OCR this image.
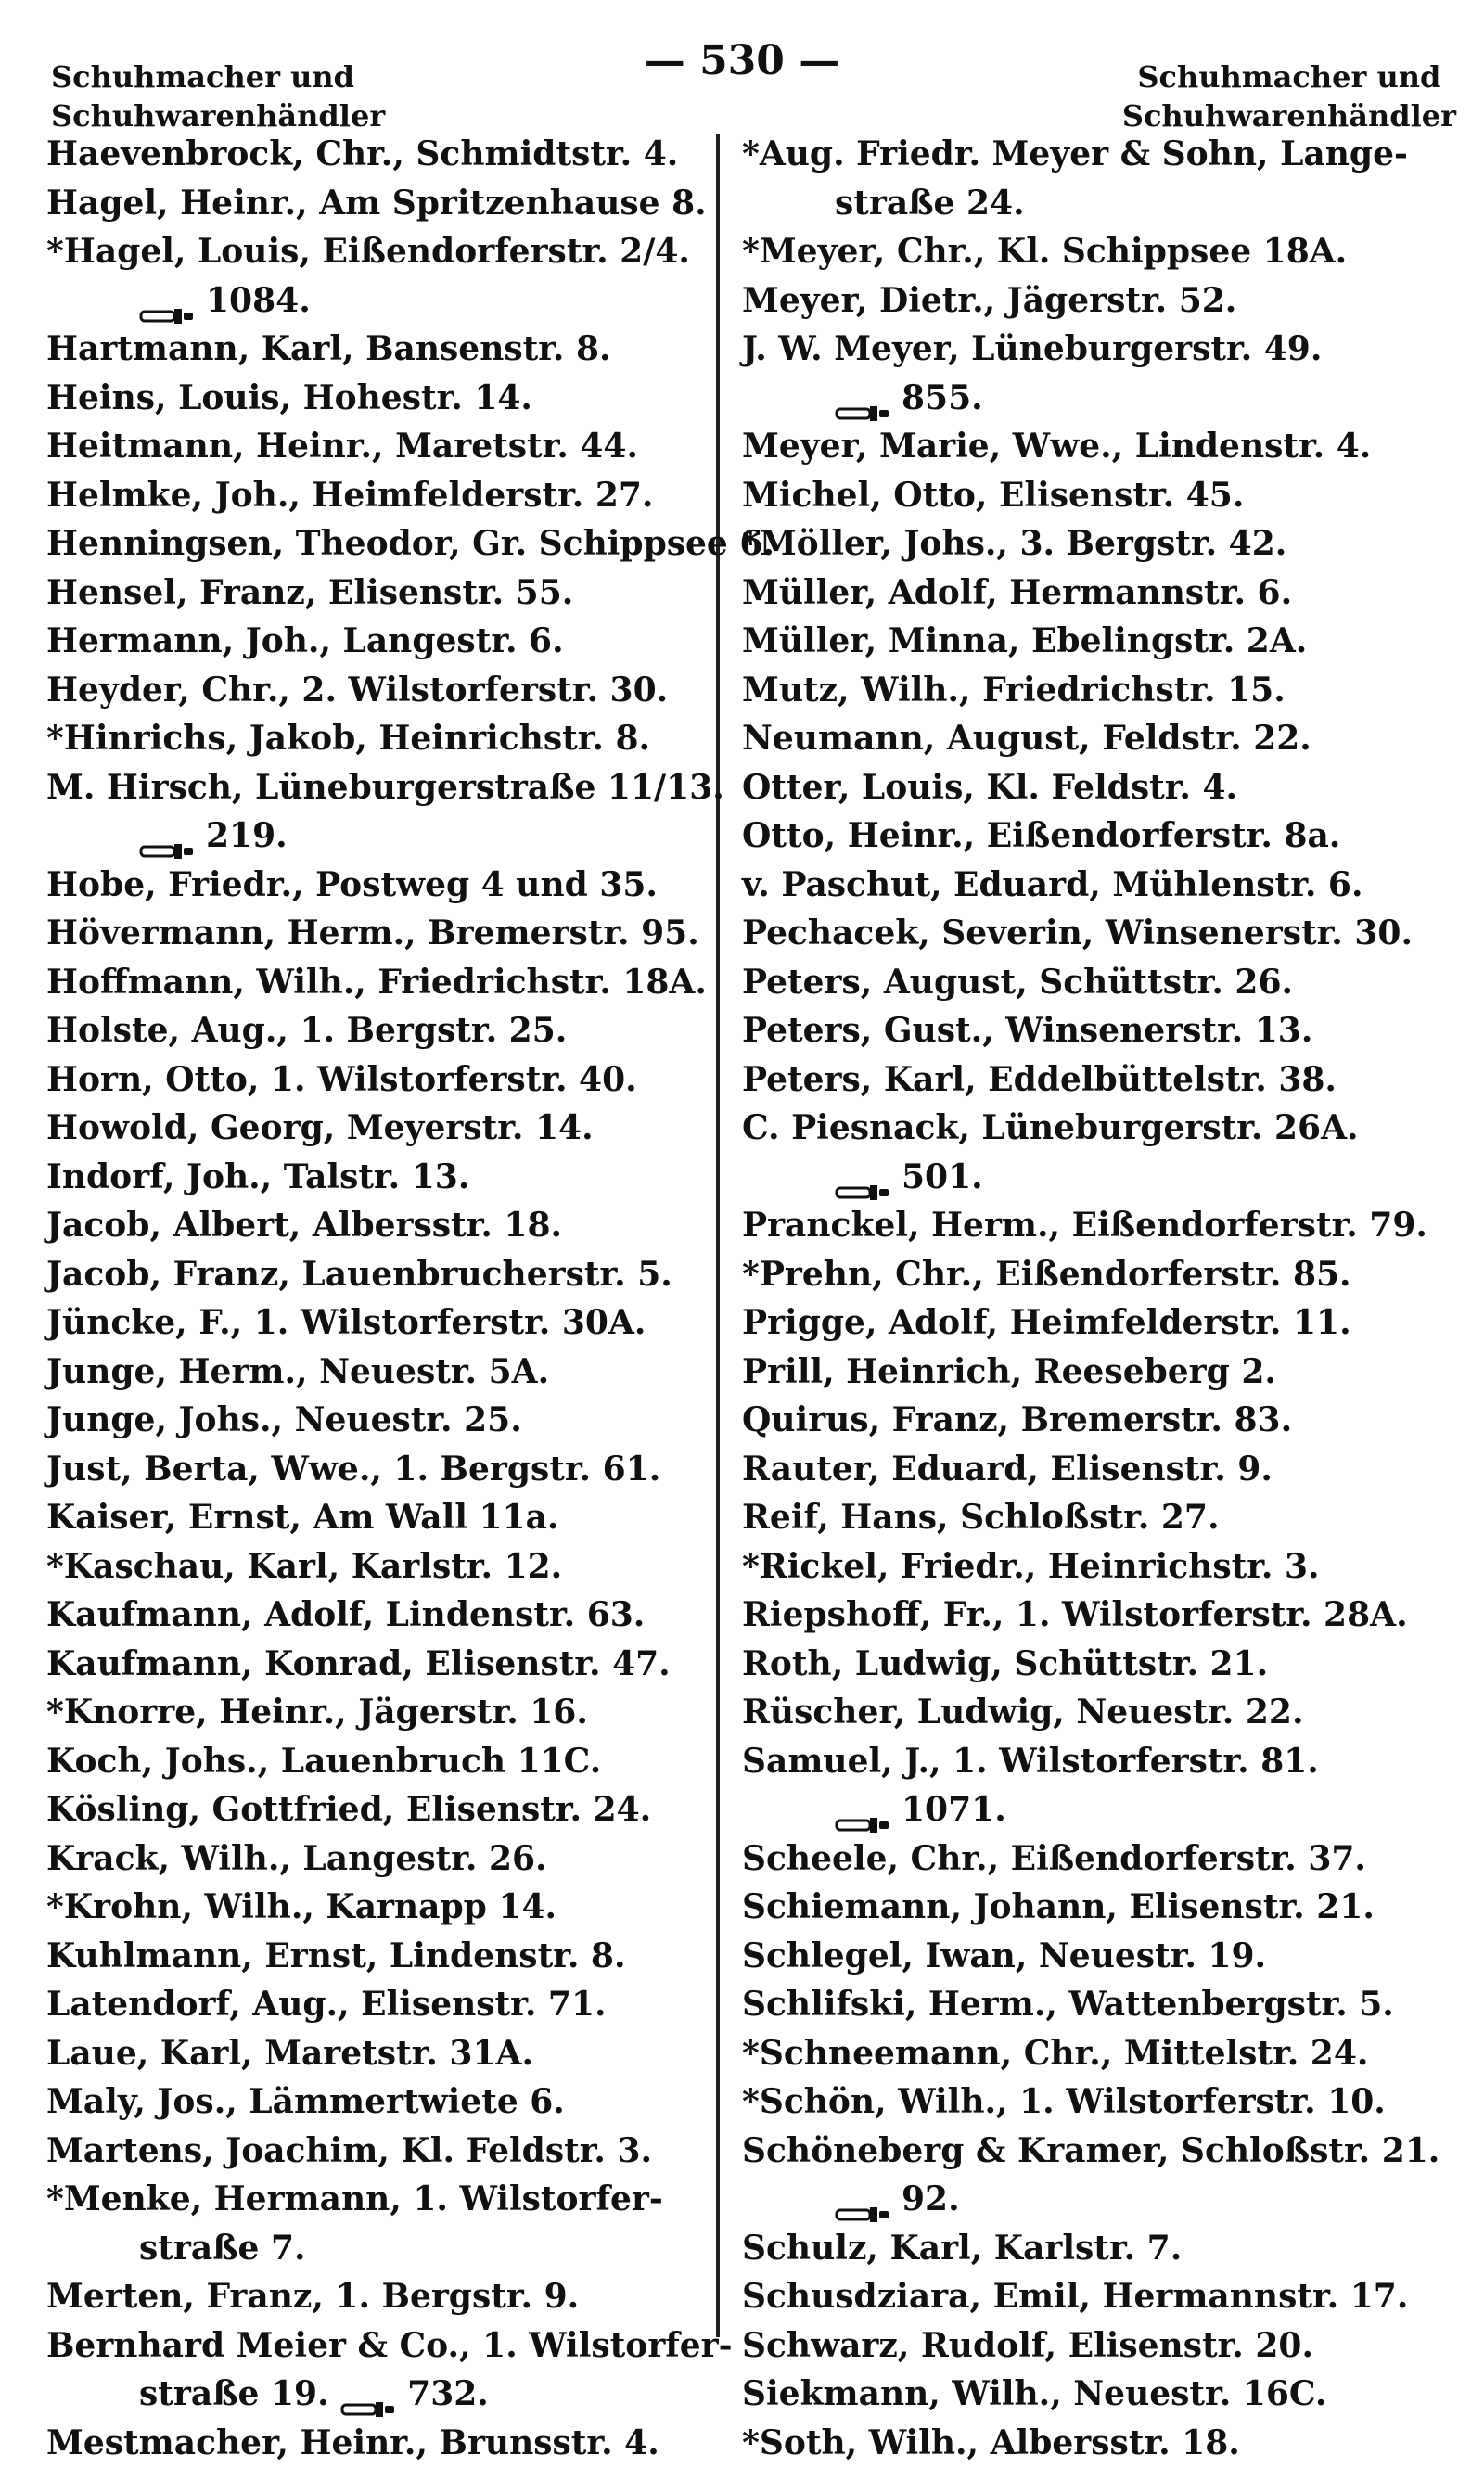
Schuhmacher und
Schuhwarenhändler
— 530 —	Schuhmacher und
Schuhwarenhändler
Haevenbrock, Chr., Schmidtstr. 4.
Hagel, Heinr., Am Spritzenhause 8.
*Hagel, Louis, Eißendorferstr. 2/4.
1084.
Hartmann, Karl, Bansenstr. 8.
Heins, Louis, Hohestr. 14.
Heitmann, Heinr., Maretstr. 44.
Helmke, Joh., Heimfelderstr. 27.
Henningsen, Theodor, Gr. Schippsee 6.
Hensel, Franz, Elisenstr. 55.
Hermann, Joh., Langestr. 6.
Heyder, Chr., 2. Wilstorferstr. 30.
*Hinrichs, Jakob, Heinrichstr. 8.
M. Hirsch, Lüneburgerstraße 11/13.
219.
Hobe, Friedr., Postweg 4 und 35.
Hövermann, Herm., Bremerstr. 95.
Hoffmann, Wilh., Friedrichstr. 18A.
Holste, Aug., 1. Bergstr. 25.
Horn, Otto, 1. Wilstorferstr. 40.
Howold, Georg, Meyerstr. 14.
Indorf, Joh., Talstr. 13.
Jacob, Albert, Albersstr. 18.
Jacob, Franz, Lauenbrucherstr. 5.
Jüncke, F., 1. Wilstorferstr. 30A.
Junge, Herm., Neuestr. 5A.
Junge, Johs., Neuestr. 25.
Just, Berta, Wwe., 1. Bergstr. 61.
Kaiser, Ernst, Am Wall 11a.
*Kaschau, Karl, Karlstr. 12.
Kaufmann, Adolf, Lindenstr. 63.
Kaufmann, Konrad, Elisenstr. 47.
*Knorre, Heinr., Jägerstr. 16.
Koch, Johs., Lauenbruch 11C.
Kösling, Gottfried, Elisenstr. 24.
Krack, Wilh., Langestr. 26.
*Krohn, Wilh., Karnapp 14.
Kuhlmann, Ernst, Lindenstr. 8.
Latendorf, Aug., Elisenstr. 71.
Laue, Karl, Maretstr. 31A.
Maly, Jos., Lämmertwiete 6.
Martens, Joachim, Kl. Feldstr. 3.
*Menke, Hermann, 1. Wilstorfer-
straße 7.
Merten, Franz, 1. Bergstr. 9.
Bernhard Meier & Co., 1. Wilstorfer-
straße 19. 732.
Mestmacher, Heinr., Brunsstr. 4.
*Aug. Friedr. Meyer & Sohn, Lange-
straße 24.
*Meyer, Chr., Kl. Schippsee 18A.
Meyer, Dietr., Jägerstr. 52.
J. W. Meyer, Lüneburgerstr. 49.
855.
Meyer, Marie, Wwe., Lindenstr. 4.
Michel, Otto, Elisenstr. 45.
*Möller, Johs., 3. Bergstr. 42.
Müller, Adolf, Hermannstr. 6.
Müller, Minna, Ebelingstr. 2A.
Mutz, Wilh., Friedrichstr. 15.
Neumann, August, Feldstr. 22.
Otter, Louis, Kl. Feldstr. 4.
Otto, Heinr., Eißendorferstr. 8a.
v. Paschut, Eduard, Mühlenstr. 6.
Pechacek, Severin, Winsenerstr. 30.
Peters, August, Schüttstr. 26.
Peters, Gust., Winsenerstr. 13.
Peters, Karl, Eddelbüttelstr. 38.
C. Piesnack, Lüneburgerstr. 26A.
501.
Pranckel, Herm., Eißendorferstr. 79.
*Prehn, Chr., Eißendorferstr. 85.
Prigge, Adolf, Heimfelderstr. 11.
Prill, Heinrich, Reeseberg 2.
Quirus, Franz, Bremerstr. 83.
Rauter, Eduard, Elisenstr. 9.
Reif, Hans, Schloßstr. 27.
*Rickel, Friedr., Heinrichstr. 3.
Riepshoff, Fr., 1. Wilstorferstr. 28A.
Roth, Ludwig, Schüttstr. 21.
Rüscher, Ludwig, Neuestr. 22.
Samuel, J., 1. Wilstorferstr. 81.
1071.
Scheele, Chr., Eißendorferstr. 37.
Schiemann, Johann, Elisenstr. 21.
Schlegel, Iwan, Neuestr. 19.
Schlifski, Herm., Wattenbergstr. 5.
*Schneemann, Chr., Mittelstr. 24.
*Schön, Wilh., 1. Wilstorferstr. 10.
Schöneberg & Kramer, Schloßstr. 21.
92.
Schulz, Karl, Karlstr. 7.
Schusdziara, Emil, Hermannstr. 17.
Schwarz, Rudolf, Elisenstr. 20.
Siekmann, Wilh., Neuestr. 16C.
*Soth, Wilh., Albersstr. 18.
